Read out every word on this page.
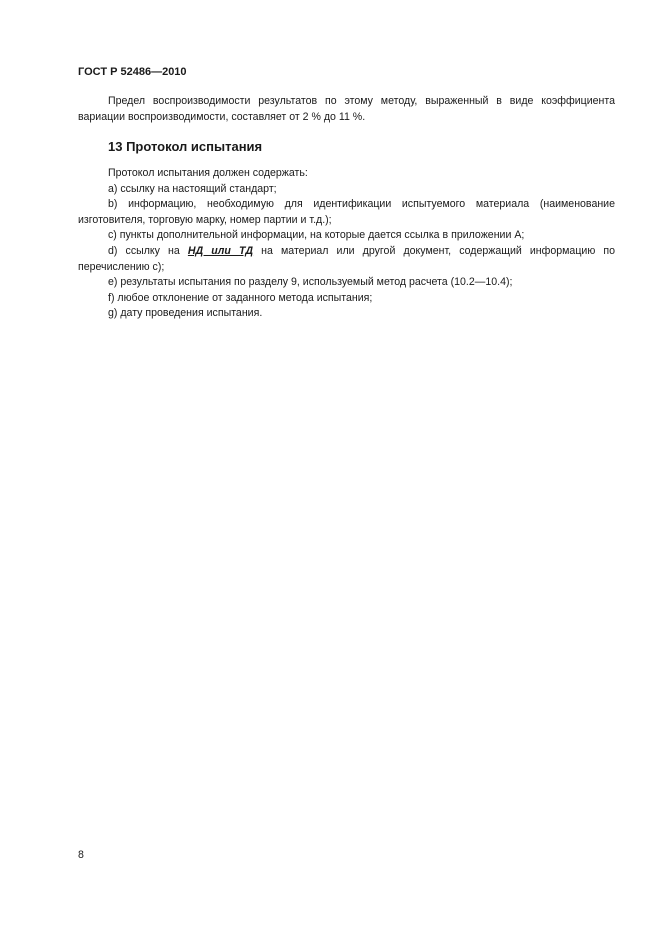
ГОСТ Р 52486—2010

Предел воспроизводимости результатов по этому методу, выраженный в виде коэффициента вариации воспроизводимости, составляет от 2 % до 11 %.

13 Протокол испытания

Протокол испытания должен содержать:

a) ссылку на настоящий стандарт;

b) информацию, необходимую для идентификации испытуемого материала (наименование изготовителя, торговую марку, номер партии и т.д.);

c) пункты дополнительной информации, на которые дается ссылка в приложении А;

d) ссылку на НД или ТД на материал или другой документ, содержащий информацию по перечислению с);

e) результаты испытания по разделу 9, используемый метод расчета (10.2—10.4);

f) любое отклонение от заданного метода испытания;

g) дату проведения испытания.

8
